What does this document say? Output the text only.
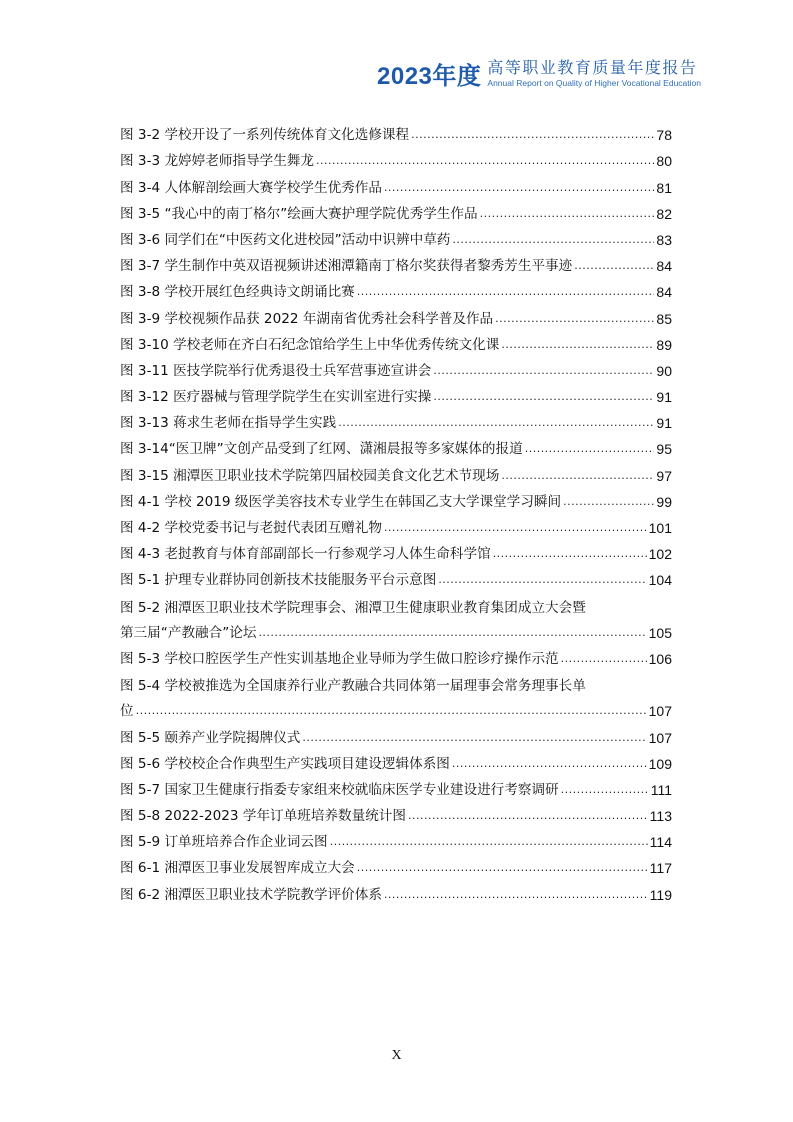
2023年度 高等职业教育质量年度报告
Annual Report on Quality of Higher Vocational Education
图 3-2 学校开设了一系列传统体育文化选修课程 .....	78
图 3-3 龙婷婷老师指导学生舞龙 .....	80
图 3-4 人体解剖绘画大赛学校学生优秀作品 .....	81
图 3-5 “我心中的南丁格尔”绘画大赛护理学院优秀学生作品 .....	82
图 3-6 同学们在“中医药文化进校园”活动中识辨中草药 .....	83
图 3-7 学生制作中英双语视频讲述湘潭籍南丁格尔奖获得者黎秀芳生平事迹 .....	84
图 3-8 学校开展红色经典诗文朗诵比赛 .....	84
图 3-9 学校视频作品获 2022 年湖南省优秀社会科学普及作品 .....	85
图 3-10 学校老师在齐白石纪念馆给学生上中华优秀传统文化课 .....	89
图 3-11 医技学院举行优秀退役士兵军营事迹宣讲会 .....	90
图 3-12 医疗器械与管理学院学生在实训室进行实操 .....	91
图 3-13 蒋求生老师在指导学生实践 .....	91
图 3-14“医卫牌”文创产品受到了红网、潇湘晨报等多家媒体的报道 .....	95
图 3-15 湘潭医卫职业技术学院第四届校园美食文化艺术节现场 .....	97
图 4-1 学校 2019 级医学美容技术专业学生在韩国乙支大学课堂学习瞬间 .....	99
图 4-2 学校党委书记与老挝代表团互赠礼物 .....	101
图 4-3 老挝教育与体育部副部长一行参观学习人体生命科学馆 .....	102
图 5-1 护理专业群协同创新技术技能服务平台示意图 .....	104
图 5-2 湘潭医卫职业技术学院理事会、湘潭卫生健康职业教育集团成立大会暨
第三届“产教融合”论坛 .....	105
图 5-3 学校口腔医学生产性实训基地企业导师为学生做口腔诊疗操作示范 .....	106
图 5-4 学校被推选为全国康养行业产教融合共同体第一届理事会常务理事长单
位 .....	107
图 5-5 颐养产业学院揭牌仪式 .....	107
图 5-6 学校校企合作典型生产实践项目建设逻辑体系图 .....	109
图 5-7 国家卫生健康行指委专家组来校就临床医学专业建设进行考察调研 .....	111
图 5-8 2022-2023 学年订单班培养数量统计图 .....	113
图 5-9 订单班培养合作企业词云图 .....	114
图 6-1 湘潭医卫事业发展智库成立大会 .....	117
图 6-2 湘潭医卫职业技术学院教学评价体系 .....	119
X
